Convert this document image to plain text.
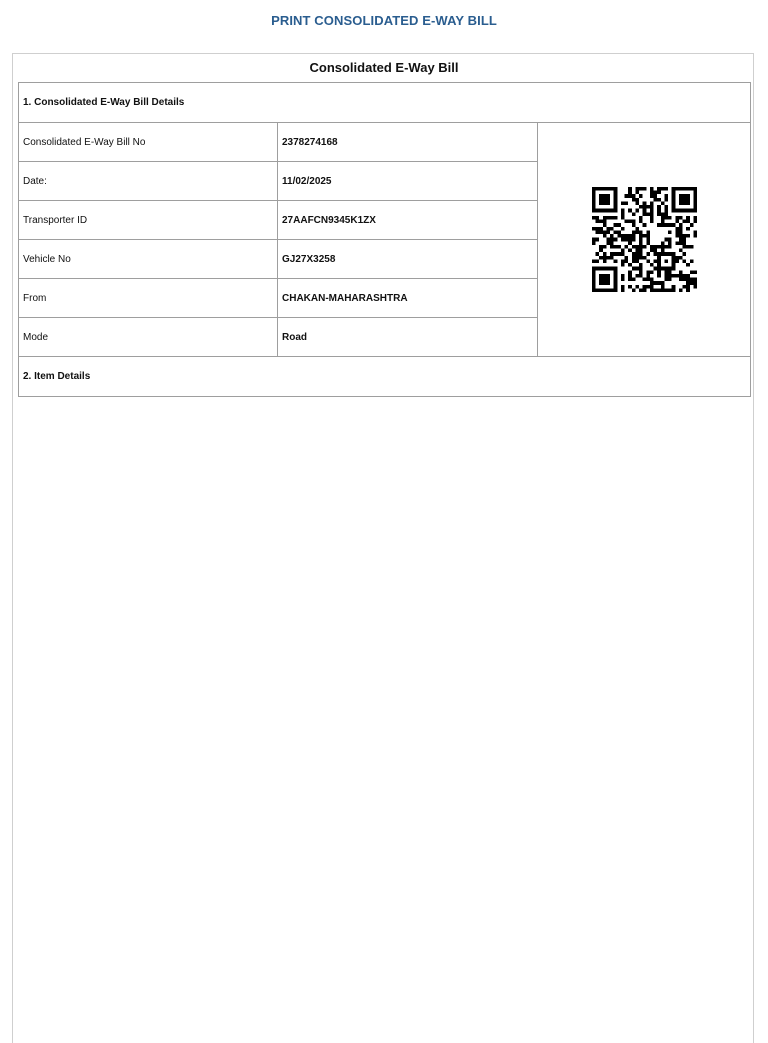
PRINT CONSOLIDATED E-WAY BILL
Consolidated E-Way Bill
1. Consolidated E-Way Bill Details		
Consolidated E-Way Bill No	2378274168	

Date:	11/02/2025	
Transporter ID	27AAFCN9345K1ZX	
Vehicle No	GJ27X3258	
From	CHAKAN-MAHARASHTRA	
Mode	Road	
2. Item Details		
